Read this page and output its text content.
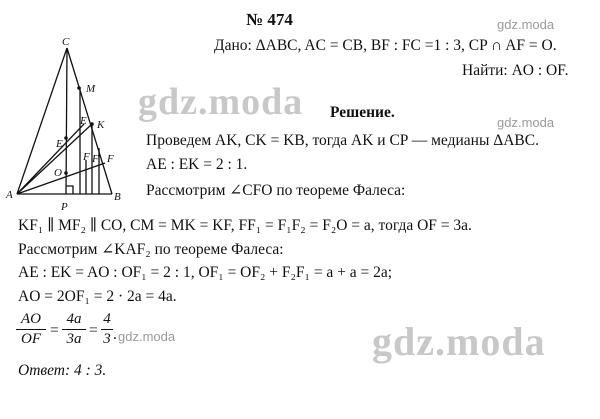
C
M
E K
E
F F F
O
A
P
B
№ 474	gdz.moda
Дано: ΔABC, AC = CB, BF : FC =1 : 3, CP ∩ AF = O.
Найти: AO : OF.
gdz.moda Решение.
gdz.moda
Проведем AK, CK = KB, тогда AK и CP — медианы ΔABC.
AE : EK = 2 : 1.
Рассмотрим ∠CFO по теореме Фалеса:
KF₁ ∥ MF₂ ∥ CO, CM = MK = KF, FF₁ = F₁F₂ = F₂O = a, тогда OF = 3a.
Рассмотрим ∠KAF₂ по теореме Фалеса:
AE : EK = AO : OF₁ = 2 : 1, OF₁ = OF₂ + F₂F₁ = a + a = 2a;
AO = 2OF₁ = 2 · 2a = 4a.
AO
OF =
4a
3a =
4
3 . gdz.moda	gdz.moda
Ответ: 4 : 3.
